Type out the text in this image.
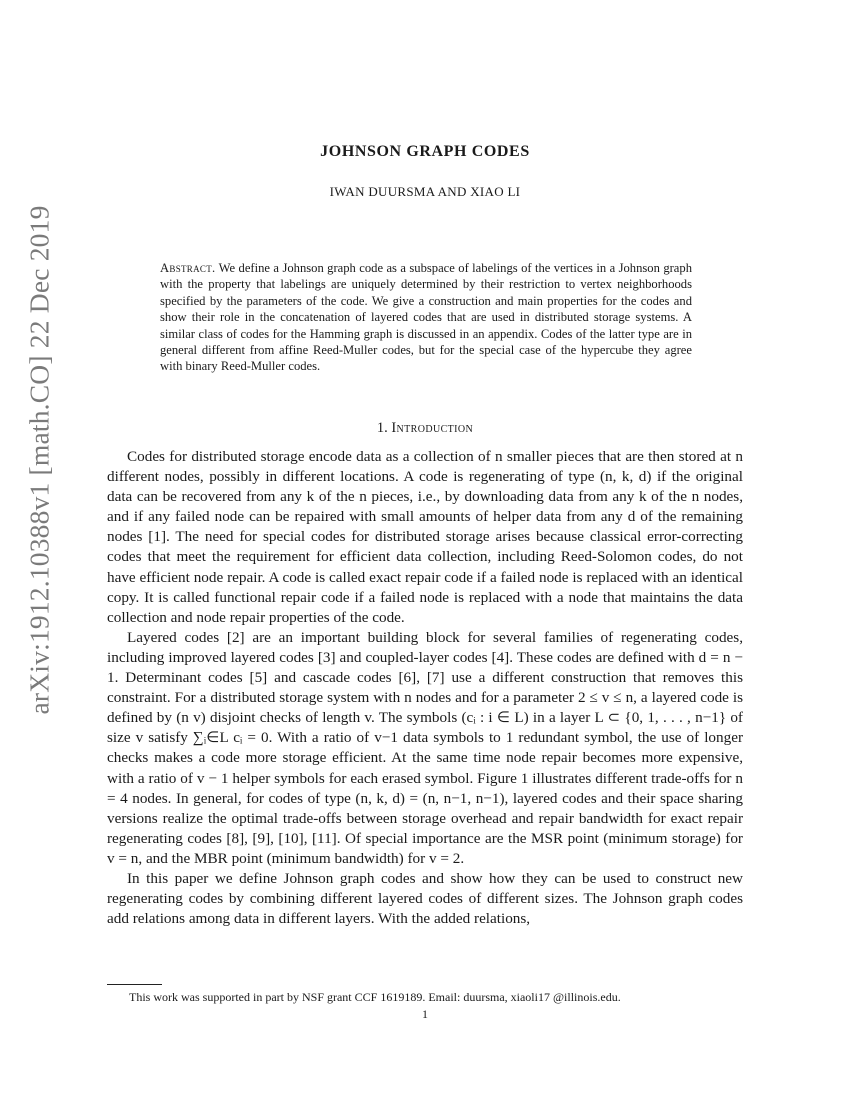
arXiv:1912.10388v1 [math.CO] 22 Dec 2019
JOHNSON GRAPH CODES
IWAN DUURSMA AND XIAO LI
Abstract. We define a Johnson graph code as a subspace of labelings of the vertices in a Johnson graph with the property that labelings are uniquely determined by their restriction to vertex neighborhoods specified by the parameters of the code. We give a construction and main properties for the codes and show their role in the concatenation of layered codes that are used in distributed storage systems. A similar class of codes for the Hamming graph is discussed in an appendix. Codes of the latter type are in general different from affine Reed-Muller codes, but for the special case of the hypercube they agree with binary Reed-Muller codes.
1. Introduction

Codes for distributed storage encode data as a collection of n smaller pieces that are then stored at n different nodes, possibly in different locations. A code is regenerating of type (n, k, d) if the original data can be recovered from any k of the n pieces, i.e., by downloading data from any k of the n nodes, and if any failed node can be repaired with small amounts of helper data from any d of the remaining nodes [1]. The need for special codes for distributed storage arises because classical error-correcting codes that meet the requirement for efficient data collection, including Reed-Solomon codes, do not have efficient node repair. A code is called exact repair code if a failed node is replaced with an identical copy. It is called functional repair code if a failed node is replaced with a node that maintains the data collection and node repair properties of the code.

Layered codes [2] are an important building block for several families of regenerating codes, including improved layered codes [3] and coupled-layer codes [4]. These codes are defined with d = n − 1. Determinant codes [5] and cascade codes [6], [7] use a different construction that removes this constraint. For a distributed storage system with n nodes and for a parameter 2 ≤ v ≤ n, a layered code is defined by (n v) disjoint checks of length v. The symbols (cᵢ : i ∈ L) in a layer L ⊂ {0, 1, . . . , n−1} of size v satisfy ∑ᵢ∈L cᵢ = 0. With a ratio of v−1 data symbols to 1 redundant symbol, the use of longer checks makes a code more storage efficient. At the same time node repair becomes more expensive, with a ratio of v − 1 helper symbols for each erased symbol. Figure 1 illustrates different trade-offs for n = 4 nodes. In general, for codes of type (n, k, d) = (n, n−1, n−1), layered codes and their space sharing versions realize the optimal trade-offs between storage overhead and repair bandwidth for exact repair regenerating codes [8], [9], [10], [11]. Of special importance are the MSR point (minimum storage) for v = n, and the MBR point (minimum bandwidth) for v = 2.

In this paper we define Johnson graph codes and show how they can be used to construct new regenerating codes by combining different layered codes of different sizes. The Johnson graph codes add relations among data in different layers. With the added relations,

This work was supported in part by NSF grant CCF 1619189. Email: duursma, xiaoli17 @illinois.edu.
1
